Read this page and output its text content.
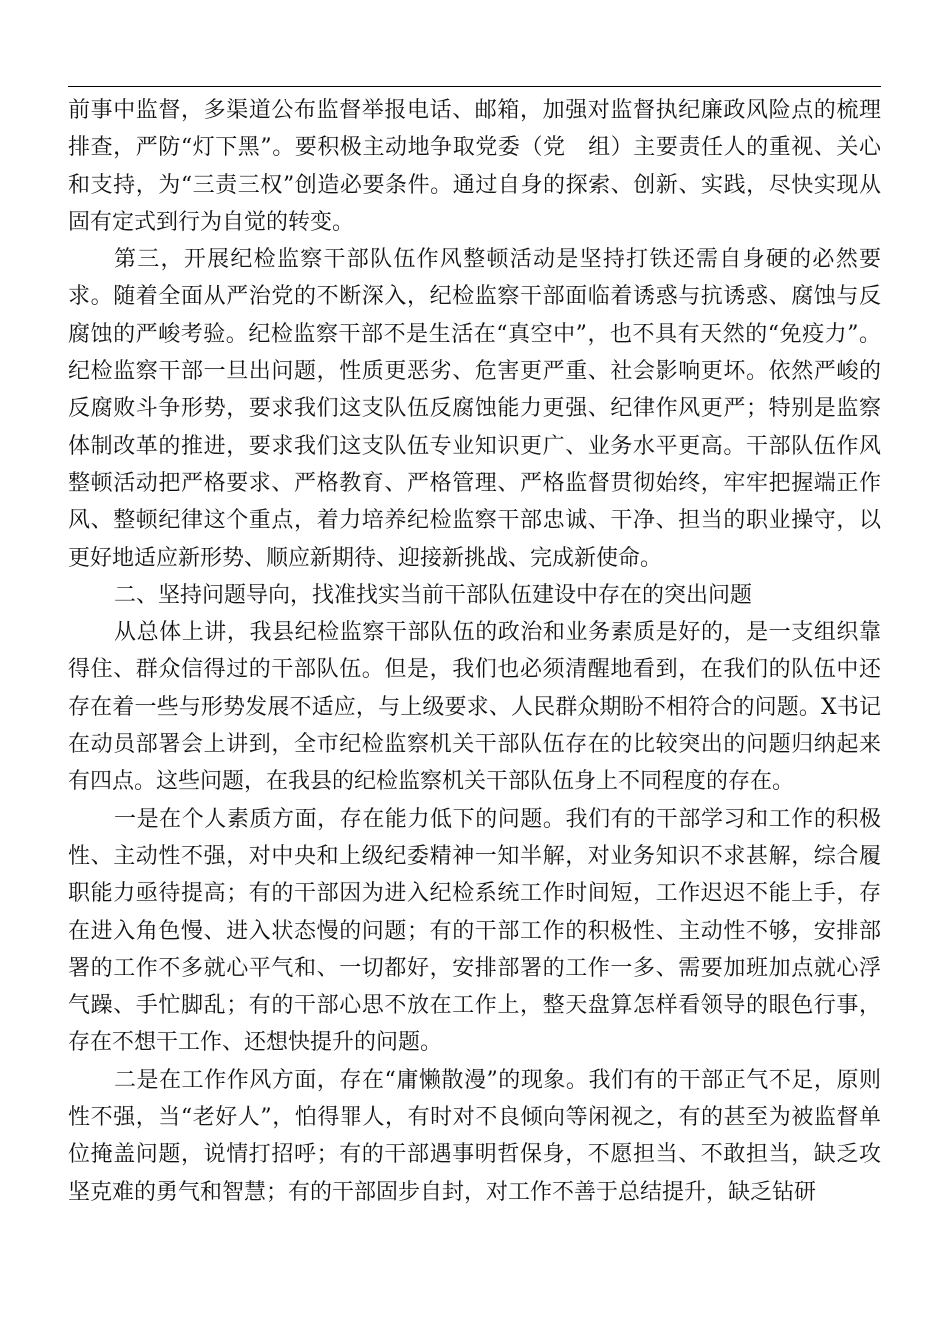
前事中监督，多渠道公布监督举报电话、邮箱，加强对监督执纪廉政风险点的梳理排查，严防“灯下黑”。要积极主动地争取党委（党　组）主要责任人的重视、关心和支持，为“三责三权”创造必要条件。通过自身的探索、创新、实践，尽快实现从固有定式到行为自觉的转变。

第三，开展纪检监察干部队伍作风整顿活动是坚持打铁还需自身硬的必然要求。随着全面从严治党的不断深入，纪检监察干部面临着诱惑与抗诱惑、腐蚀与反腐蚀的严峻考验。纪检监察干部不是生活在“真空中”，也不具有天然的“免疫力”。纪检监察干部一旦出问题，性质更恶劣、危害更严重、社会影响更坏。依然严峻的反腐败斗争形势，要求我们这支队伍反腐蚀能力更强、纪律作风更严；特别是监察体制改革的推进，要求我们这支队伍专业知识更广、业务水平更高。干部队伍作风整顿活动把严格要求、严格教育、严格管理、严格监督贯彻始终，牢牢把握端正作风、整顿纪律这个重点，着力培养纪检监察干部忠诚、干净、担当的职业操守，以更好地适应新形势、顺应新期待、迎接新挑战、完成新使命。

二、坚持问题导向，找准找实当前干部队伍建设中存在的突出问题

从总体上讲，我县纪检监察干部队伍的政治和业务素质是好的，是一支组织靠得住、群众信得过的干部队伍。但是，我们也必须清醒地看到，在我们的队伍中还存在着一些与形势发展不适应，与上级要求、人民群众期盼不相符合的问题。X书记在动员部署会上讲到，全市纪检监察机关干部队伍存在的比较突出的问题归纳起来有四点。这些问题，在我县的纪检监察机关干部队伍身上不同程度的存在。

一是在个人素质方面，存在能力低下的问题。我们有的干部学习和工作的积极性、主动性不强，对中央和上级纪委精神一知半解，对业务知识不求甚解，综合履职能力亟待提高；有的干部因为进入纪检系统工作时间短，工作迟迟不能上手，存在进入角色慢、进入状态慢的问题；有的干部工作的积极性、主动性不够，安排部署的工作不多就心平气和、一切都好，安排部署的工作一多、需要加班加点就心浮气躁、手忙脚乱；有的干部心思不放在工作上，整天盘算怎样看领导的眼色行事，存在不想干工作、还想快提升的问题。

二是在工作作风方面，存在“庸懒散漫”的现象。我们有的干部正气不足，原则性不强，当“老好人”，怕得罪人，有时对不良倾向等闲视之，有的甚至为被监督单位掩盖问题，说情打招呼；有的干部遇事明哲保身，不愿担当、不敢担当，缺乏攻坚克难的勇气和智慧；有的干部固步自封，对工作不善于总结提升，缺乏钻研
